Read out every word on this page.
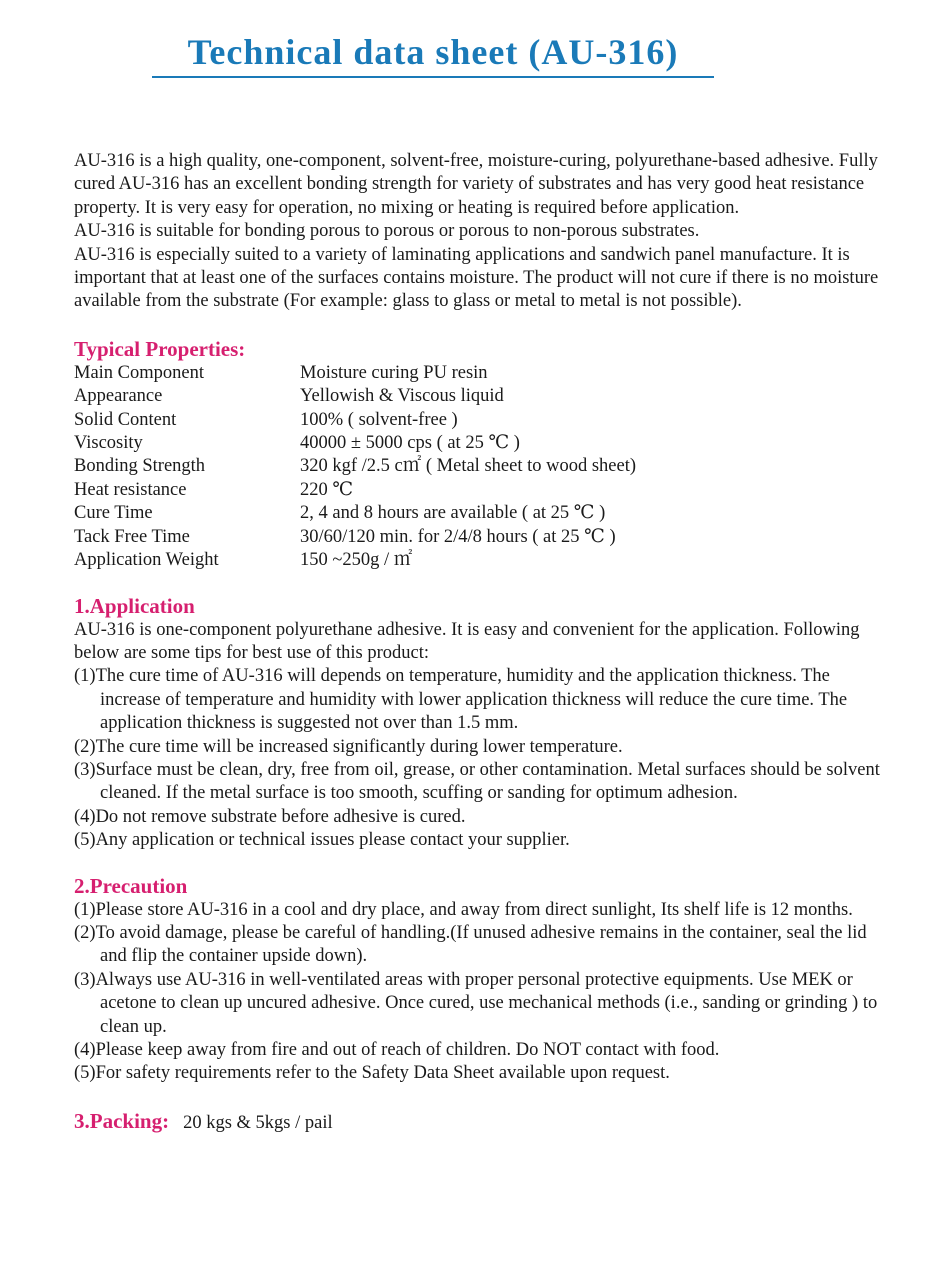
Technical data sheet (AU-316)

AU-316 is a high quality, one-component, solvent-free, moisture-curing, polyurethane-based adhesive. Fully cured AU-316 has an excellent bonding strength for variety of substrates and has very good heat resistance property. It is very easy for operation, no mixing or heating is required before application.

AU-316 is suitable for bonding porous to porous or porous to non-porous substrates.

AU-316 is especially suited to a variety of laminating applications and sandwich panel manufacture. It is important that at least one of the surfaces contains moisture. The product will not cure if there is no moisture available from the substrate (For example: glass to glass or metal to metal is not possible).

Typical Properties:
Main Component	Moisture curing PU resin
Appearance	Yellowish & Viscous liquid
Solid Content	100% ( solvent-free )
Viscosity	40000 ± 5000 cps ( at 25 ℃ )
Bonding Strength	320 kgf /2.5 c㎡ ( Metal sheet to wood sheet)
Heat resistance	220 ℃
Cure Time	2, 4 and 8 hours are available ( at 25 ℃ )
Tack Free Time	30/60/120 min. for 2/4/8 hours ( at 25 ℃ )
Application Weight	150 ~250g / ㎡
1.Application
AU-316 is one-component polyurethane adhesive. It is easy and convenient for the application. Following below are some tips for best use of this product:
(1)The cure time of AU-316 will depends on temperature, humidity and the application thickness. The increase of temperature and humidity with lower application thickness will reduce the cure time. The application thickness is suggested not over than 1.5 mm.
(2)The cure time will be increased significantly during lower temperature.
(3)Surface must be clean, dry, free from oil, grease, or other contamination. Metal surfaces should be solvent cleaned. If the metal surface is too smooth, scuffing or sanding for optimum adhesion.
(4)Do not remove substrate before adhesive is cured.
(5)Any application or technical issues please contact your supplier.
2.Precaution
(1)Please store AU-316 in a cool and dry place, and away from direct sunlight, Its shelf life is 12 months.
(2)To avoid damage, please be careful of handling.(If unused adhesive remains in the container, seal the lid and flip the container upside down).
(3)Always use AU-316 in well-ventilated areas with proper personal protective equipments. Use MEK or acetone to clean up uncured adhesive. Once cured, use mechanical methods (i.e., sanding or grinding ) to clean up.
(4)Please keep away from fire and out of reach of children. Do NOT contact with food.
(5)For safety requirements refer to the Safety Data Sheet available upon request.
3.Packing: 20 kgs & 5kgs / pail
